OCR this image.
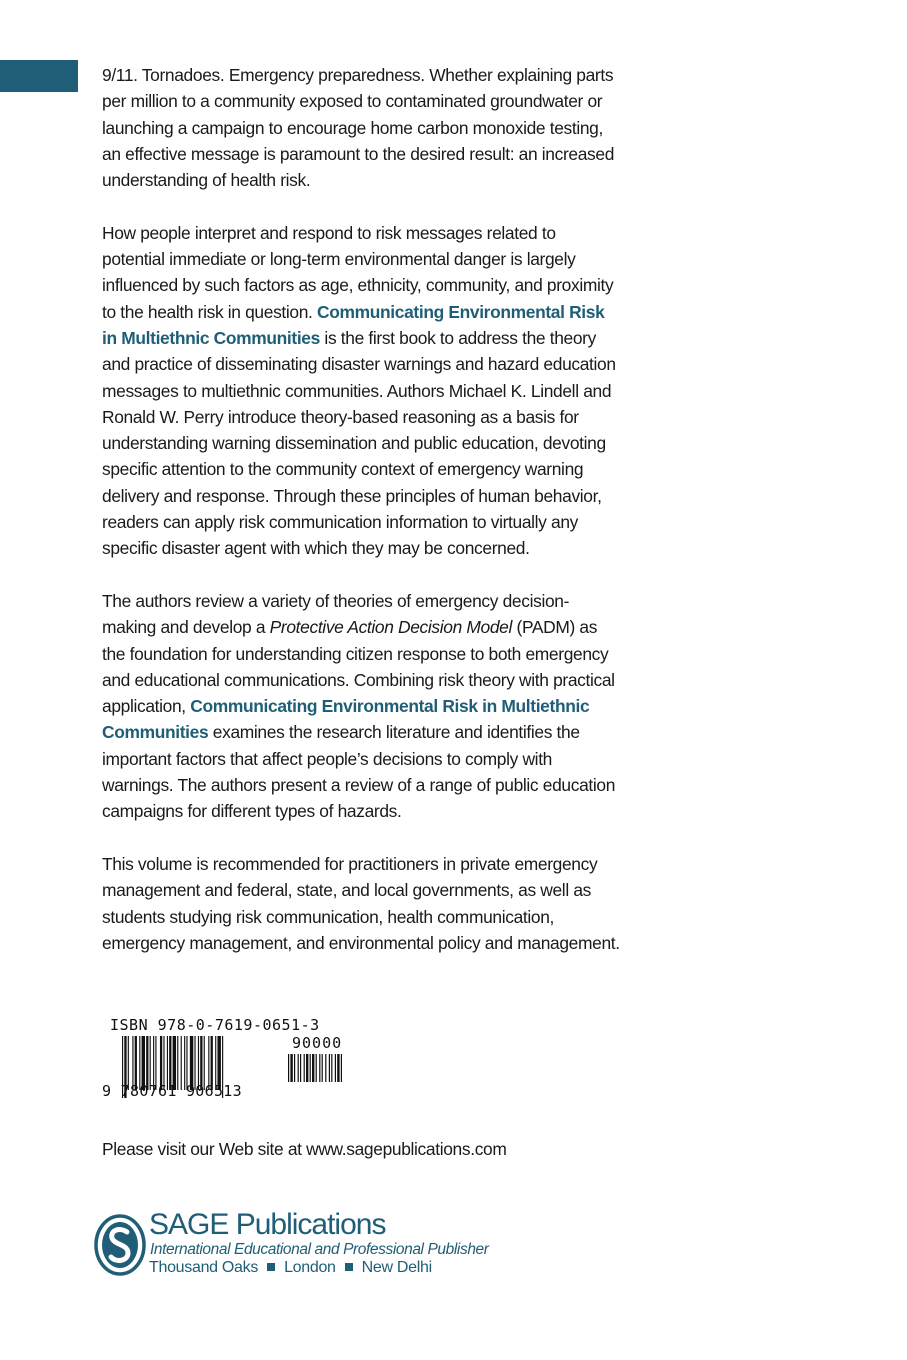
9/11. Tornadoes. Emergency preparedness. Whether explaining parts per million to a community exposed to contaminated groundwater or launching a campaign to encourage home carbon monoxide testing, an effective message is paramount to the desired result: an increased understanding of health risk.

How people interpret and respond to risk messages related to potential immediate or long-term environmental danger is largely influenced by such factors as age, ethnicity, community, and proximity to the health risk in question. Communicating Environmental Risk in Multiethnic Communities is the first book to address the theory and practice of disseminating disaster warnings and hazard education messages to multiethnic communities. Authors Michael K. Lindell and Ronald W. Perry introduce theory-based reasoning as a basis for understanding warning dissemination and public education, devoting specific attention to the community context of emergency warning delivery and response. Through these principles of human behavior, readers can apply risk communication information to virtually any specific disaster agent with which they may be concerned.

The authors review a variety of theories of emergency decision-making and develop a Protective Action Decision Model (PADM) as the foundation for understanding citizen response to both emergency and educational communications. Combining risk theory with practical application, Communicating Environmental Risk in Multiethnic Communities examines the research literature and identifies the important factors that affect people’s decisions to comply with warnings. The authors present a review of a range of public education campaigns for different types of hazards.

This volume is recommended for practitioners in private emergency management and federal, state, and local governments, as well as students studying risk communication, health communication, emergency management, and environmental policy and management.

ISBN 978-0-7619-0651-3
90000
9 780761 906513
Please visit our Web site at www.sagepublications.com
SAGE Publications
International Educational and Professional Publisher
Thousand Oaks London New Delhi
